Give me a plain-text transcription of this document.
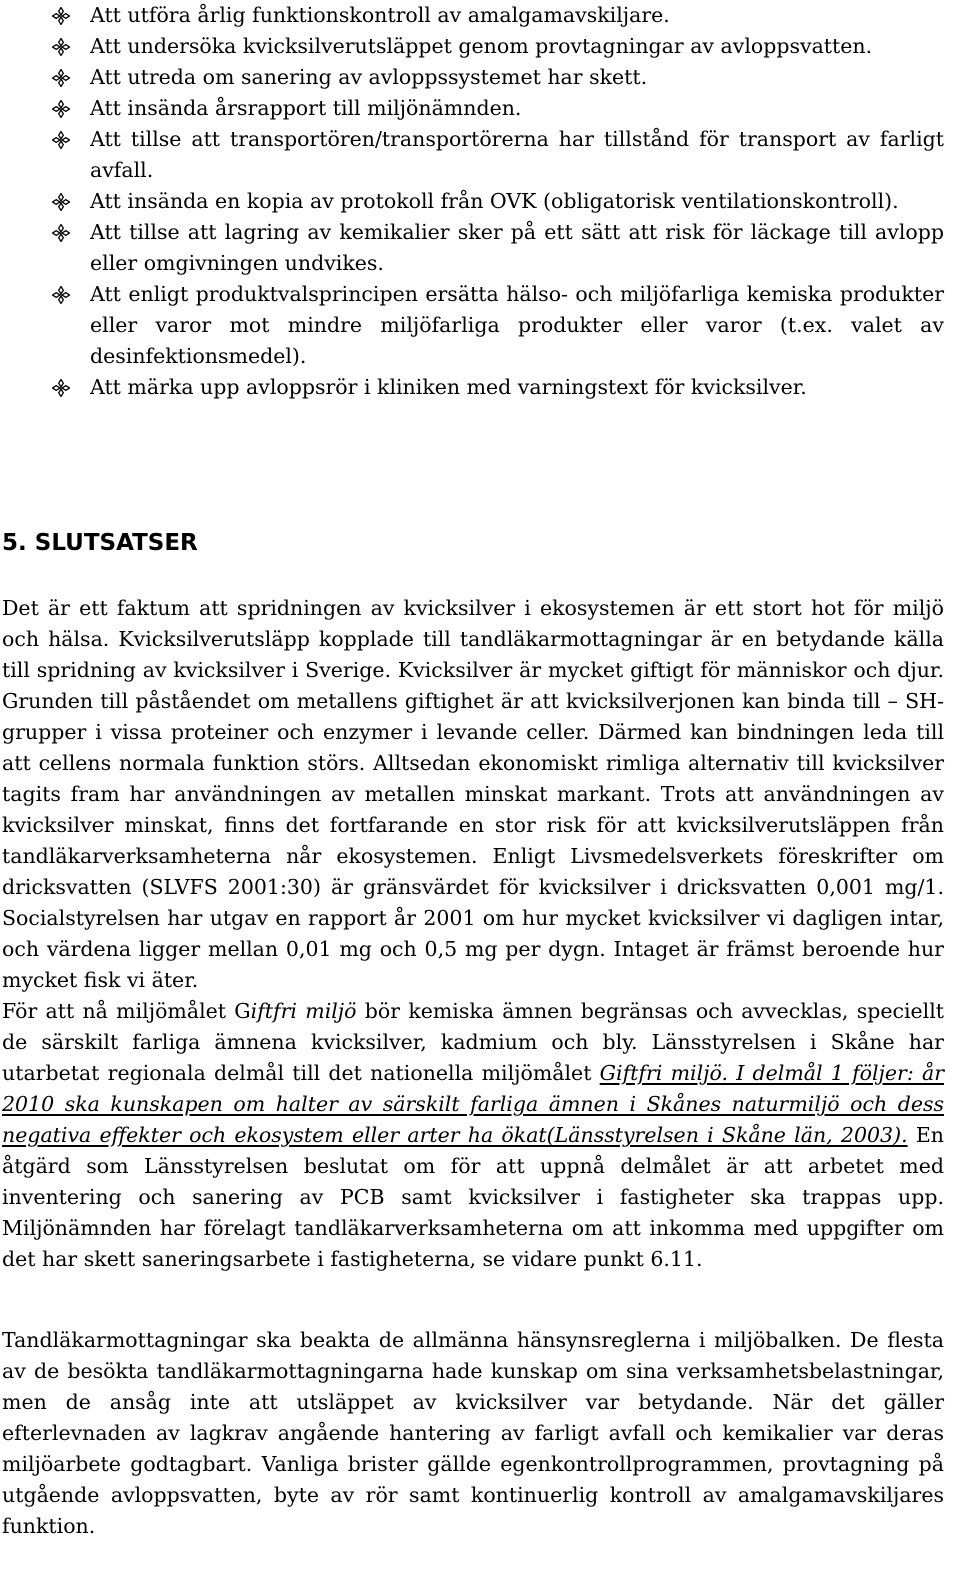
Att utföra årlig funktionskontroll av amalgamavskiljare.
Att undersöka kvicksilverutsläppet genom provtagningar av avloppsvatten.
Att utreda om sanering av avloppssystemet har skett.
Att insända årsrapport till miljönämnden.
Att tillse att transportören/transportörerna har tillstånd för transport av farligt avfall.
Att insända en kopia av protokoll från OVK (obligatorisk ventilationskontroll).
Att tillse att lagring av kemikalier sker på ett sätt att risk för läckage till avlopp eller omgivningen undvikes.
Att enligt produktvalsprincipen ersätta hälso- och miljöfarliga kemiska produkter eller varor mot mindre miljöfarliga produkter eller varor (t.ex. valet av desinfektionsmedel).
Att märka upp avloppsrör i kliniken med varningstext för kvicksilver.
5. SLUTSATSER

Det är ett faktum att spridningen av kvicksilver i ekosystemen är ett stort hot för miljö och hälsa. Kvicksilverutsläpp kopplade till tandläkarmottagningar är en betydande källa till spridning av kvicksilver i Sverige. Kvicksilver är mycket giftigt för människor och djur. Grunden till påståendet om metallens giftighet är att kvicksilverjonen kan binda till – SH-grupper i vissa proteiner och enzymer i levande celler. Därmed kan bindningen leda till att cellens normala funktion störs. Alltsedan ekonomiskt rimliga alternativ till kvicksilver tagits fram har användningen av metallen minskat markant. Trots att användningen av kvicksilver minskat, finns det fortfarande en stor risk för att kvicksilverutsläppen från tandläkarverksamheterna når ekosystemen. Enligt Livsmedelsverkets föreskrifter om dricksvatten (SLVFS 2001:30) är gränsvärdet för kvicksilver i dricksvatten 0,001 mg/1. Socialstyrelsen har utgav en rapport år 2001 om hur mycket kvicksilver vi dagligen intar, och värdena ligger mellan 0,01 mg och 0,5 mg per dygn. Intaget är främst beroende hur mycket fisk vi äter.
För att nå miljömålet Giftfri miljö bör kemiska ämnen begränsas och avvecklas, speciellt de särskilt farliga ämnena kvicksilver, kadmium och bly. Länsstyrelsen i Skåne har utarbetat regionala delmål till det nationella miljömålet Giftfri miljö. I delmål 1 följer: år 2010 ska kunskapen om halter av särskilt farliga ämnen i Skånes naturmiljö och dess negativa effekter och ekosystem eller arter ha ökat(Länsstyrelsen i Skåne län, 2003). En åtgärd som Länsstyrelsen beslutat om för att uppnå delmålet är att arbetet med inventering och sanering av PCB samt kvicksilver i fastigheter ska trappas upp. Miljönämnden har förelagt tandläkarverksamheterna om att inkomma med uppgifter om det har skett saneringsarbete i fastigheterna, se vidare punkt 6.11.

Tandläkarmottagningar ska beakta de allmänna hänsynsreglerna i miljöbalken. De flesta av de besökta tandläkarmottagningarna hade kunskap om sina verksamhetsbelastningar, men de ansåg inte att utsläppet av kvicksilver var betydande. När det gäller efterlevnaden av lagkrav angående hantering av farligt avfall och kemikalier var deras miljöarbete godtagbart. Vanliga brister gällde egenkontrollprogrammen, provtagning på utgående avloppsvatten, byte av rör samt kontinuerlig kontroll av amalgamavskiljares funktion.
